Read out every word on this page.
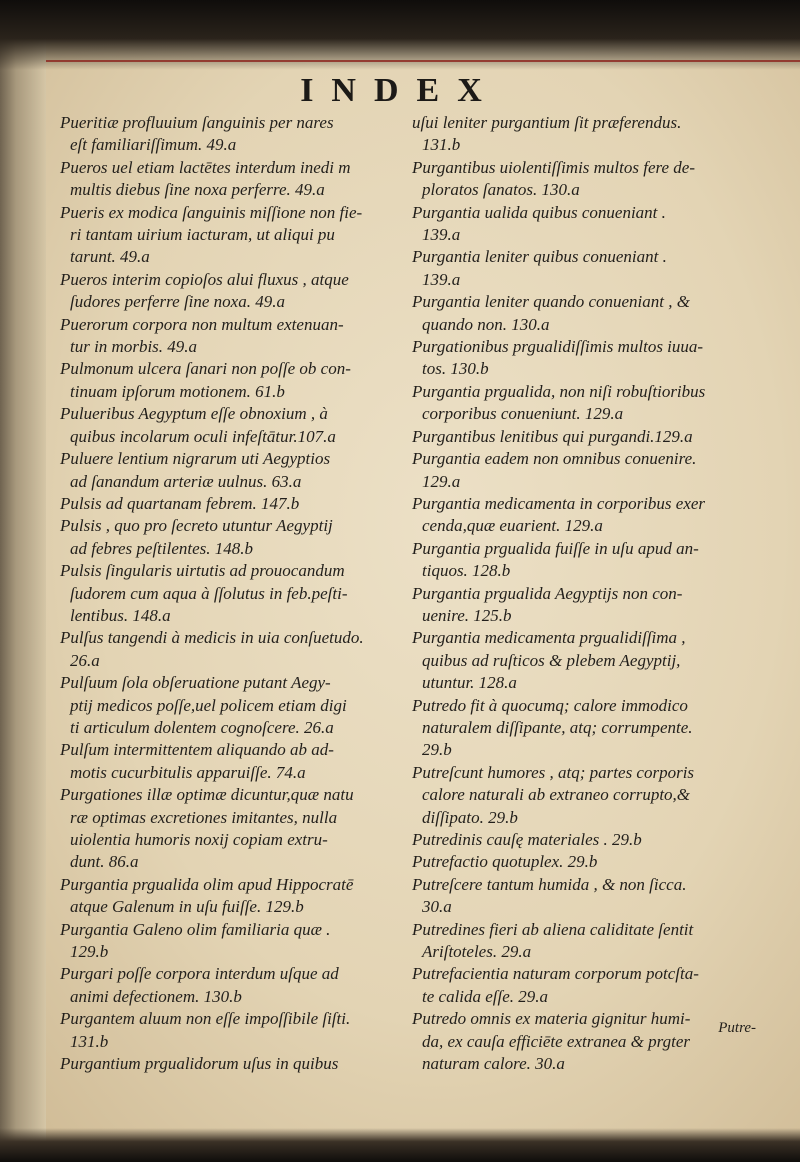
INDEX
Pueritiæ profluuium ſanguinis per nares
eſt familiariſſimum. 49.a
Pueros uel etiam lactētes interdum inedi m
multis diebus ſine noxa perferre. 49.a
Pueris ex modica ſanguinis miſſione non fie-
ri tantam uirium iacturam, ut aliqui pu
tarunt. 49.a
Pueros interim copioſos alui fluxus , atque
ſudores perferre ſine noxa. 49.a
Puerorum corpora non multum extenuan-
tur in morbis. 49.a
Pulmonum ulcera ſanari non poſſe ob con-
tinuam ipſorum motionem. 61.b
Pulueribus Aegyptum eſſe obnoxium , à
quibus incolarum oculi infeſtātur.107.a
Puluere lentium nigrarum uti Aegyptios
ad ſanandum arteriæ uulnus. 63.a
Pulsis ad quartanam febrem. 147.b
Pulsis , quo pro ſecreto utuntur Aegyptij
ad febres peſtilentes. 148.b
Pulsis ſingularis uirtutis ad prouocandum
ſudorem cum aqua à ſſolutus in feb.peſti-
lentibus. 148.a
Pulſus tangendi à medicis in uia conſuetudo.
26.a
Pulſuum ſola obſeruatione putant Aegy-
ptij medicos poſſe,uel policem etiam digi
ti articulum dolentem cognoſcere. 26.a
Pulſum intermittentem aliquando ab ad-
motis cucurbitulis apparuiſſe. 74.a
Purgationes illæ optimæ dicuntur,quæ natu
ræ optimas excretiones imitantes, nulla
uiolentia humoris noxij copiam extru-
dunt. 86.a
Purgantia prgualida olim apud Hippocratē
atque Galenum in uſu fuiſſe. 129.b
Purgantia Galeno olim familiaria quæ .
129.b
Purgari poſſe corpora interdum uſque ad
animi defectionem. 130.b
Purgantem aluum non eſſe impoſſibile ſiſti.
131.b
Purgantium prgualidorum uſus in quibus
uſui leniter purgantium ſit præferendus.
131.b
Purgantibus uiolentiſſimis multos fere de-
ploratos ſanatos. 130.a
Purgantia ualida quibus conueniant .
139.a
Purgantia leniter quibus conueniant .
139.a
Purgantia leniter quando conueniant , &
quando non. 130.a
Purgationibus prgualidiſſimis multos iuua-
tos. 130.b
Purgantia prgualida, non niſi robuſtioribus
corporibus conueniunt. 129.a
Purgantibus lenitibus qui purgandi.129.a
Purgantia eadem non omnibus conuenire.
129.a
Purgantia medicamenta in corporibus exer
cenda,quæ euarient. 129.a
Purgantia prgualida fuiſſe in uſu apud an-
tiquos. 128.b
Purgantia prgualida Aegyptijs non con-
uenire. 125.b
Purgantia medicamenta prgualidiſſima ,
quibus ad ruſticos & plebem Aegyptij,
utuntur. 128.a
Putredo fit à quocumq; calore immodico
naturalem diſſipante, atq; corrumpente.
29.b
Putreſcunt humores , atq; partes corporis
calore naturali ab extraneo corrupto,&
diſſipato. 29.b
Putredinis cauſę materiales . 29.b
Putrefactio quotuplex. 29.b
Putreſcere tantum humida , & non ſicca.
30.a
Putredines fieri ab aliena caliditate ſentit
Ariſtoteles. 29.a
Putrefacientia naturam corporum potcſta-
te calida eſſe. 29.a
Putredo omnis ex materia gignitur humi-
da, ex cauſa efficiēte extranea & prgter
naturam calore. 30.a
Putre-
